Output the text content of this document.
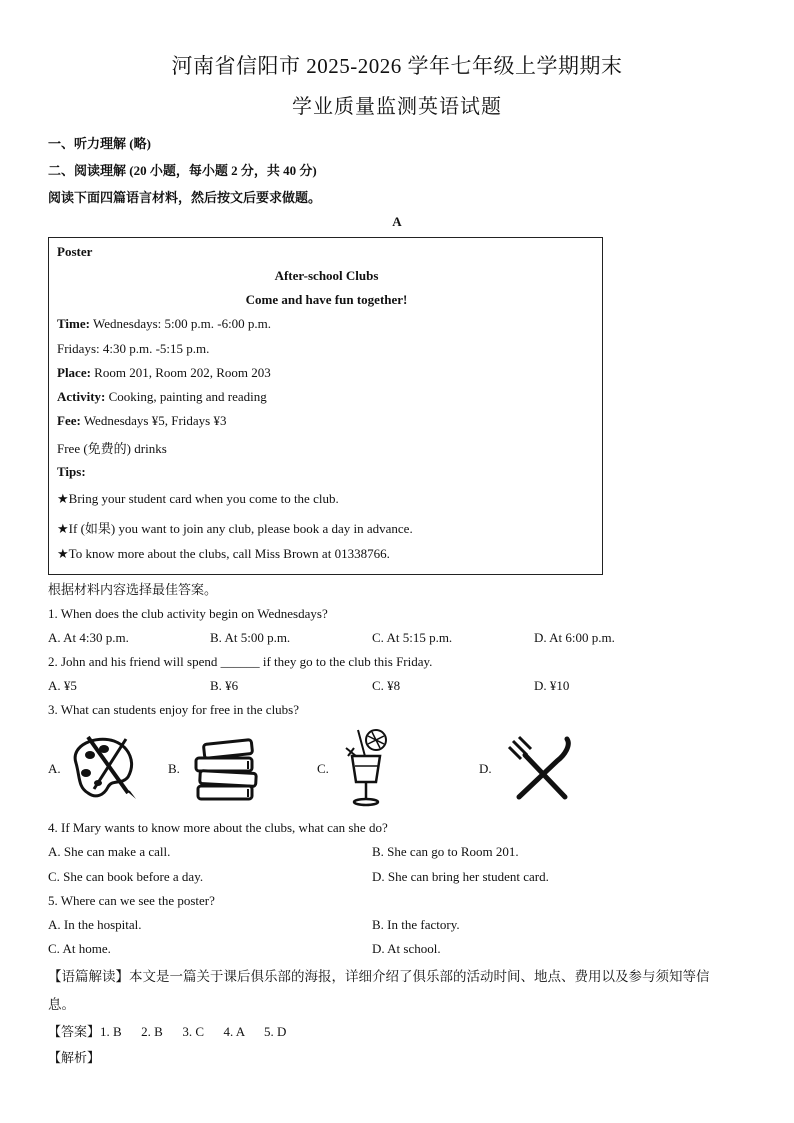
河南省信阳市 2025-2026 学年七年级上学期期末
学业质量监测英语试题
一、听力理解 (略)
二、阅读理解 (20 小题，每小题 2 分，共 40 分)
阅读下面四篇语言材料，然后按文后要求做题。
A
Poster
After-school Clubs
Come and have fun together!
Time: Wednesdays: 5:00 p.m. -6:00 p.m.
Fridays: 4:30 p.m. -5:15 p.m.
Place: Room 201, Room 202, Room 203
Activity: Cooking, painting and reading
Fee: Wednesdays ¥5, Fridays ¥3
Free (免费的) drinks
Tips:
★Bring your student card when you come to the club.
★If (如果) you want to join any club, please book a day in advance.
★To know more about the clubs, call Miss Brown at 01338766.
根据材料内容选择最佳答案。
1. When does the club activity begin on Wednesdays?
A. At 4:30 p.m.	B. At 5:00 p.m.	C. At 5:15 p.m.	D. At 6:00 p.m.
2. John and his friend will spend ______ if they go to the club this Friday.
A. ¥5	B. ¥6	C. ¥8	D. ¥10
3. What can students enjoy for free in the clubs?
A.	B.	C.	D.
4. If Mary wants to know more about the clubs, what can she do?
A. She can make a call.	B. She can go to Room 201.
C. She can book before a day.	D. She can bring her student card.
5. Where can we see the poster?
A. In the hospital.	B. In the factory.
C. At home.	D. At school.
【语篇解读】本文是一篇关于课后俱乐部的海报，详细介绍了俱乐部的活动时间、地点、费用以及参与须知等信
息。
【答案】1. B      2. B      3. C      4. A      5. D
【解析】
